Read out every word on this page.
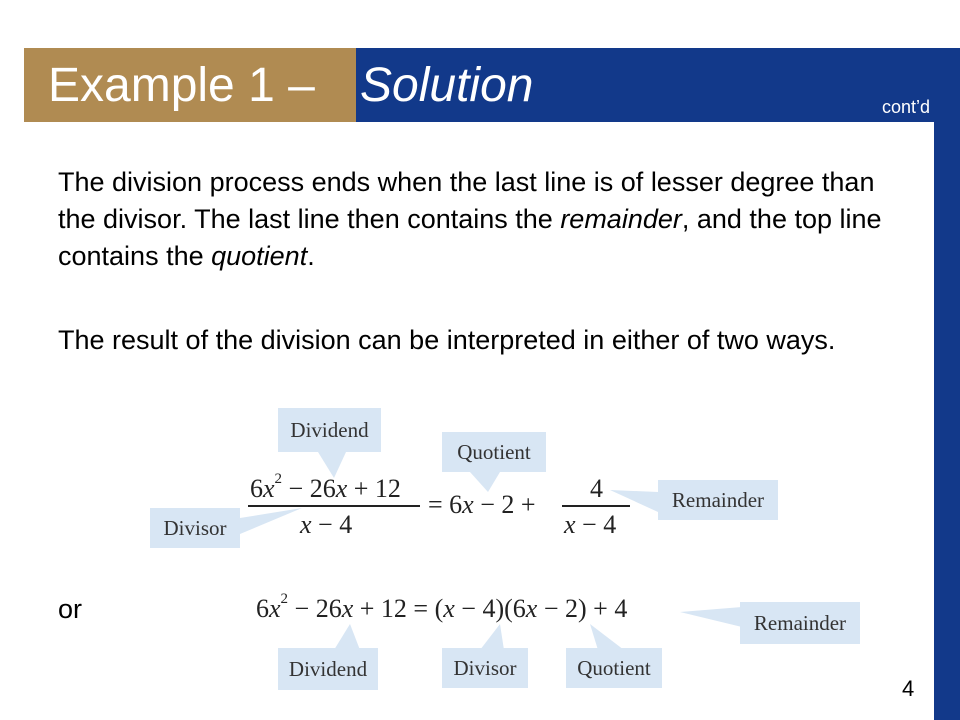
Example 1 – Solution	cont’d

The division process ends when the last line is of lesser degree than the divisor. The last line then contains the remainder, and the top line contains the quotient.

The result of the division can be interpreted in either of two ways.

Dividend
Quotient
Remainder
Divisor
$6x^2 - 26x + 12$
x − 4
= 6x − 2 +
4
x − 4
or	$6x^2 - 26x + 12 = (x - 4)(6x - 2) + 4$	Remainder
Dividend	Divisor	Quotient
4
